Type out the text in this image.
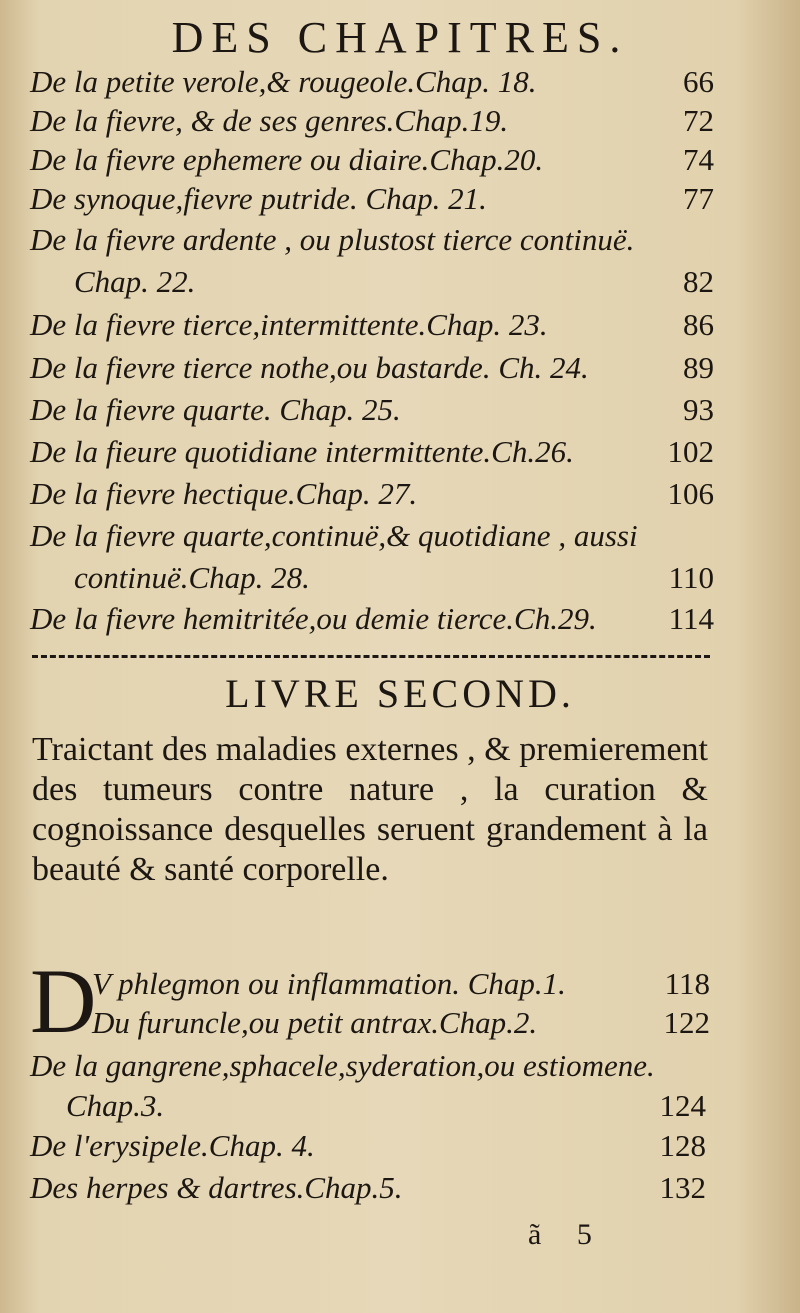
DES CHAPITRES.
De la petite verole,& rougeole.Chap. 18.	66
De la fievre, & de ses genres.Chap.19.	72
De la fievre ephemere ou diaire.Chap.20.	74
De synoque,fievre putride. Chap. 21.	77
De la fievre ardente , ou plustost tierce continuë.
Chap. 22.	82
De la fievre tierce,intermittente.Chap. 23.	86
De la fievre tierce nothe,ou bastarde. Ch. 24.	89
De la fievre quarte. Chap. 25.	93
De la fieure quotidiane intermittente.Ch.26.	102
De la fievre hectique.Chap. 27.	106
De la fievre quarte,continuë,& quotidiane , aussi
continuë.Chap. 28.	110
De la fievre hemitritée,ou demie tierce.Ch.29. 114
LIVRE SECOND.
Traictant des maladies externes , & premierement des tumeurs contre nature , la curation & cognoissance desquelles seruent grandement à la beauté & santé corporelle.
D
V phlegmon ou inflammation. Chap.1.	118
Du furuncle,ou petit antrax.Chap.2.	122
De la gangrene,sphacele,syderation,ou estiomene.
Chap.3.	124
De l'erysipele.Chap. 4.	128
Des herpes & dartres.Chap.5.	132
ã 5
